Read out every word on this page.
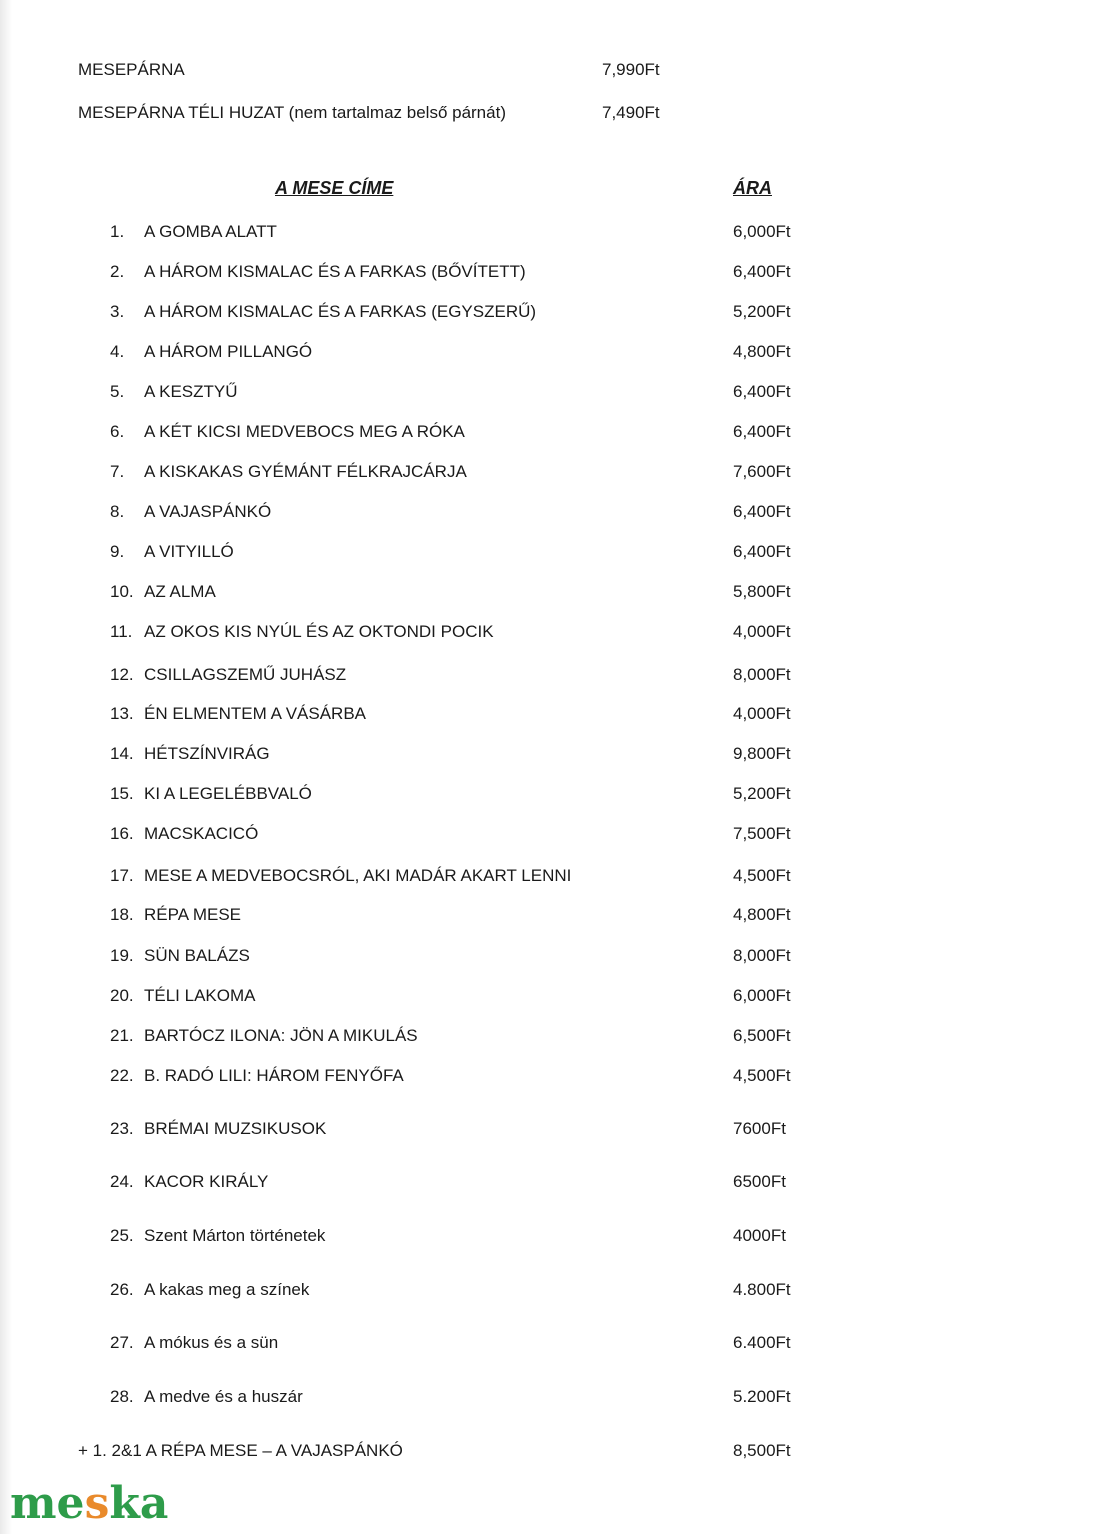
MESEPÁRNA	7,990Ft
MESEPÁRNA TÉLI HUZAT (nem tartalmaz belső párnát)	7,490Ft
A MESE CÍME	ÁRA
1. A GOMBA ALATT	6,000Ft
2. A HÁROM KISMALAC ÉS A FARKAS (BŐVÍTETT)	6,400Ft
3. A HÁROM KISMALAC ÉS A FARKAS (EGYSZERŰ)	5,200Ft
4. A HÁROM PILLANGÓ	4,800Ft
5. A KESZTYŰ	6,400Ft
6. A KÉT KICSI MEDVEBOCS MEG A RÓKA	6,400Ft
7. A KISKAKAS GYÉMÁNT FÉLKRAJCÁRJA	7,600Ft
8. A VAJASPÁNKÓ	6,400Ft
9. A VITYILLÓ	6,400Ft
10. AZ ALMA	5,800Ft
11. AZ OKOS KIS NYÚL ÉS AZ OKTONDI POCIK	4,000Ft
12. CSILLAGSZEMŰ JUHÁSZ	8,000Ft
13. ÉN ELMENTEM A VÁSÁRBA	4,000Ft
14. HÉTSZÍNVIRÁG	9,800Ft
15. KI A LEGELÉBBVALÓ	5,200Ft
16. MACSKACICÓ	7,500Ft
17. MESE A MEDVEBOCSRÓL, AKI MADÁR AKART LENNI	4,500Ft
18. RÉPA MESE	4,800Ft
19. SÜN BALÁZS	8,000Ft
20. TÉLI LAKOMA	6,000Ft
21. BARTÓCZ ILONA: JÖN A MIKULÁS	6,500Ft
22. B. RADÓ LILI: HÁROM FENYŐFA	4,500Ft
23. BRÉMAI MUZSIKUSOK	7600Ft
24. KACOR KIRÁLY	6500Ft
25. Szent Márton történetek	4000Ft
26. A kakas meg a színek	4.800Ft
27. A mókus és a sün	6.400Ft
28. A medve és a huszár	5.200Ft
+ 1. 2&1 A RÉPA MESE – A VAJASPÁNKÓ	8,500Ft
meska
